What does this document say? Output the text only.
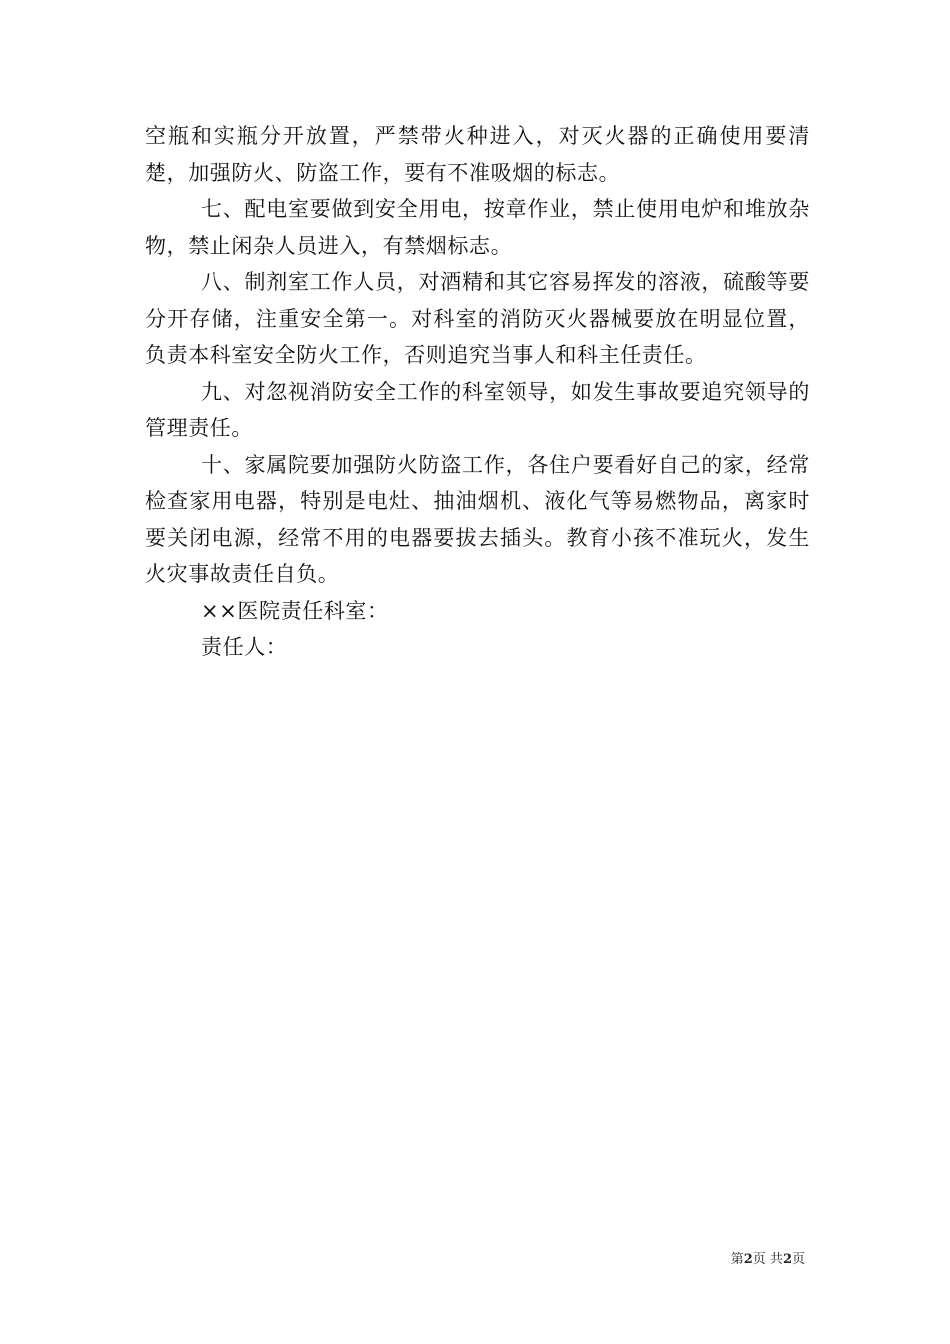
空瓶和实瓶分开放置，严禁带火种进入，对灭火器的正确使用要清楚，加强防火、防盗工作，要有不准吸烟的标志。

七、配电室要做到安全用电，按章作业，禁止使用电炉和堆放杂物，禁止闲杂人员进入，有禁烟标志。

八、制剂室工作人员，对酒精和其它容易挥发的溶液，硫酸等要分开存储，注重安全第一。对科室的消防灭火器械要放在明显位置，负责本科室安全防火工作，否则追究当事人和科主任责任。

九、对忽视消防安全工作的科室领导，如发生事故要追究领导的管理责任。

十、家属院要加强防火防盗工作，各住户要看好自己的家，经常检查家用电器，特别是电灶、抽油烟机、液化气等易燃物品，离家时要关闭电源，经常不用的电器要拔去插头。教育小孩不准玩火，发生火灾事故责任自负。

××医院责任科室：

责任人：

第2页 共2页
